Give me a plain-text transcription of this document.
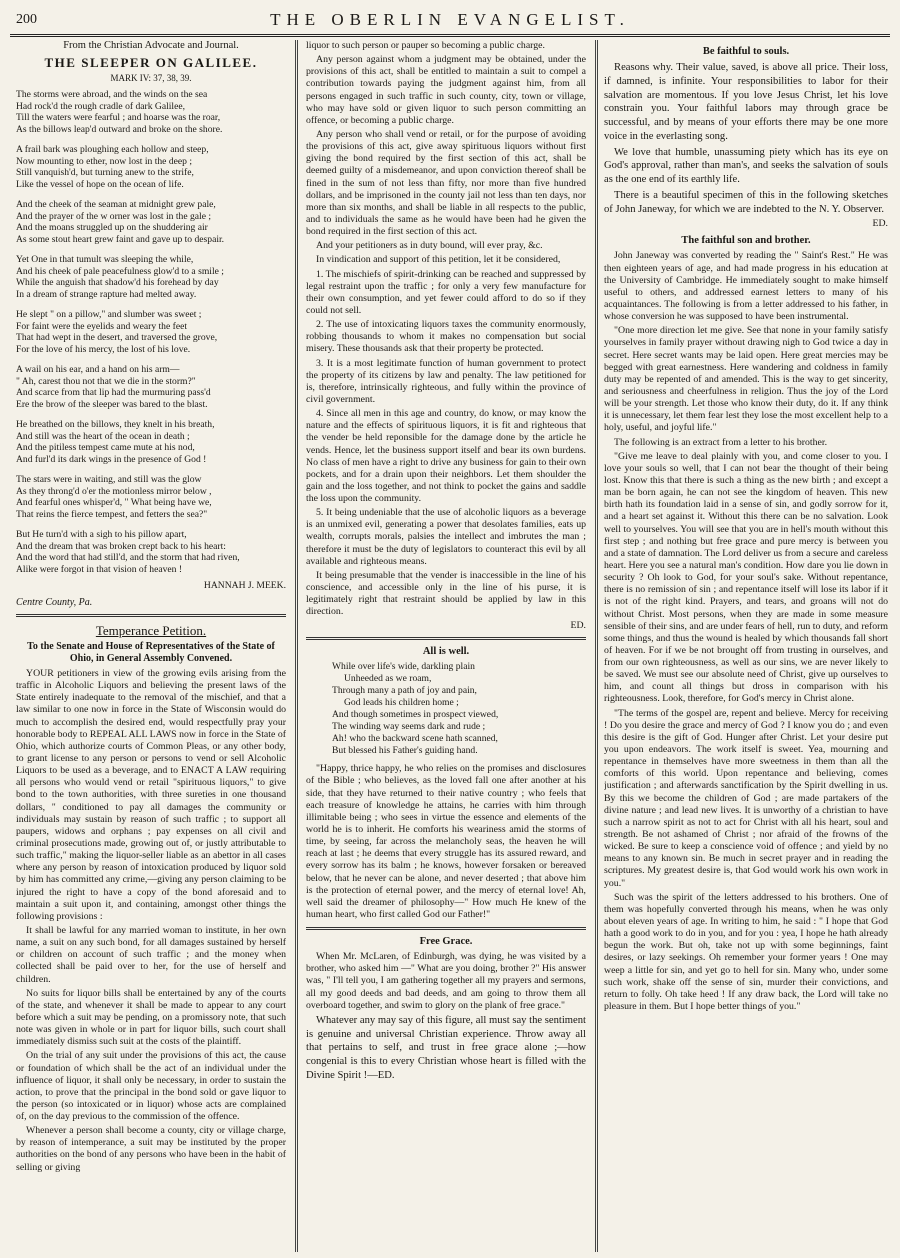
200	THE OBERLIN EVANGELIST.
From the Christian Advocate and Journal.
THE SLEEPER ON GALILEE.
MARK IV: 37, 38, 39.
The storms were abroad, and the winds on the sea
Had rock'd the rough cradle of dark Galilee,
Till the waters were fearful ; and hoarse was the roar,
As the billows leap'd outward and broke on the shore.
A frail bark was ploughing each hollow and steep,
Now mounting to ether, now lost in the deep ;
Still vanquish'd, but turning anew to the strife,
Like the vessel of hope on the ocean of life.
And the cheek of the seaman at midnight grew pale,
And the prayer of the w orner was lost in the gale ;
And the moans struggled up on the shuddering air
As some stout heart grew faint and gave up to despair.
Yet One in that tumult was sleeping the while,
And his cheek of pale peacefulness glow'd to a smile ;
While the anguish that shadow'd his forehead by day
In a dream of strange rapture had melted away.
He slept " on a pillow," and slumber was sweet ;
For faint were the eyelids and weary the feet
That had wept in the desert, and traversed the grove,
For the love of his mercy, the lost of his love.
A wail on his ear, and a hand on his arm—
" Ah, carest thou not that we die in the storm?"
And scarce from that lip had the murmuring pass'd
Ere the brow of the sleeper was bared to the blast.
He breathed on the billows, they knelt in his breath,
And still was the heart of the ocean in death ;
And the pitiless tempest came mute at his nod,
And furl'd its dark wings in the presence of God !
The stars were in waiting, and still was the glow
As they throng'd o'er the motionless mirror below ,
And fearful ones whisper'd, " What being have we,
That reins the fierce tempest, and fetters the sea?"
But He turn'd with a sigh to his pillow apart,
And the dream that was broken crept back to his heart:
And the word that had still'd, and the storm that had riven,
Alike were forgot in that vision of heaven !
HANNAH J. MEEK.
Centre County, Pa.
Temperance Petition.
To the Senate and House of Representatives of the State of Ohio, in General Assembly Convened.

YOUR petitioners in view of the growing evils arising from the traffic in Alcoholic Liquors and believing the present laws of the State entirely inadequate to the removal of the mischief, and that a law similar to one now in force in the State of Wisconsin would do much to accomplish the desired end, would respectfully pray your honorable body to REPEAL ALL LAWS now in force in the State of Ohio, which authorize courts of Common Pleas, or any other body, to grant license to any person or persons to vend or sell Alcoholic Liquors to be used as a beverage, and to ENACT A LAW requiring all persons who would vend or retail "spirituous liquors," to give bond to the town authorities, with three sureties in one thousand dollars, " conditioned to pay all damages the community or individuals may sustain by reason of such traffic ; to support all paupers, widows and orphans ; pay expenses on all civil and criminal prosecutions made, growing out of, or justly attributable to such traffic," making the liquor-seller liable as an abettor in all cases where any person by reason of intoxication produced by liquor sold by him has committed any crime,—giving any person claiming to be injured the right to have a copy of the bond aforesaid and to maintain a suit upon it, and containing, amongst other things the following provisions :

It shall be lawful for any married woman to institute, in her own name, a suit on any such bond, for all damages sustained by herself or children on account of such traffic ; and the money when collected shall be paid over to her, for the use of herself and children.

No suits for liquor bills shall be entertained by any of the courts of the state, and whenever it shall be made to appear to any court before which a suit may be pending, on a promissory note, that such note was given in whole or in part for liquor bills, such court shall immediately dismiss such suit at the costs of the plaintiff.

On the trial of any suit under the provisions of this act, the cause or foundation of which shall be the act of an individual under the influence of liquor, it shall only be necessary, in order to sustain the action, to prove that the principal in the bond sold or gave liquor to the person (so intoxicated or in liquor) whose acts are complained of, on the day previous to the commission of the offence.

Whenever a person shall become a county, city or village charge, by reason of intemperance, a suit may be instituted by the proper authorities on the bond of any persons who have been in the habit of selling or giving

liquor to such person or pauper so becoming a public charge.

Any person against whom a judgment may be obtained, under the provisions of this act, shall be entitled to maintain a suit to compel a contribution towards paying the judgment against him, from all persons engaged in such traffic in such county, city, town or village, who may have sold or given liquor to such person committing an offence, or becoming a public charge.

Any person who shall vend or retail, or for the purpose of avoiding the provisions of this act, give away spirituous liquors without first giving the bond required by the first section of this act, shall be deemed guilty of a misdemeanor, and upon conviction thereof shall be fined in the sum of not less than fifty, nor more than five hundred dollars, and be imprisoned in the county jail not less than ten days, nor more than six months, and shall be liable in all respects to the public, and to individuals the same as he would have been had he given the bond required in the first section of this act.

And your petitioners as in duty bound, will ever pray, &c.

In vindication and support of this petition, let it be considered,

1. The mischiefs of spirit-drinking can be reached and suppressed by legal restraint upon the traffic ; for only a very few manufacture for their own consumption, and yet fewer could afford to do so if they could not sell.

2. The use of intoxicating liquors taxes the community enormously, robbing thousands to whom it makes no compensation but social misery. These thousands ask that their property be protected.

3. It is a most legitimate function of human government to protect the property of its citizens by law and penalty. The law petitioned for is, therefore, intrinsically righteous, and fully within the province of civil government.

4. Since all men in this age and country, do know, or may know the nature and the effects of spirituous liquors, it is fit and righteous that the vender be held reponsible for the damage done by the article he vends. Hence, let the business support itself and bear its own burdens. No class of men have a right to drive any business for gain to their own pockets, and for a drain upon their neighbors. Let them shoulder the gain and the loss together, and not think to pocket the gains and saddle the loss upon the community.

5. It being undeniable that the use of alcoholic liquors as a beverage is an unmixed evil, generating a power that desolates families, eats up wealth, corrupts morals, palsies the intellect and imbrutes the man ; therefore it must be the duty of legislators to counteract this evil by all available and righteous means.

It being presumable that the vender is inaccessible in the line of his conscience, and accessible only in the line of his purse, it is legitimately right that restraint should be applied by law in this direction.

ED.
All is well.
While over life's wide, darkling plain
Unheeded as we roam,
Through many a path of joy and pain,
God leads his children home ;
And though sometimes in prospect viewed,
The winding way seems dark and rude ;
Ah! who the backward scene hath scanned,
But blessed his Father's guiding hand.

"Happy, thrice happy, he who relies on the promises and disclosures of the Bible ; who believes, as the loved fall one after another at his side, that they have returned to their native country ; who feels that each treasure of knowledge he attains, he carries with him through illimitable being ; who sees in virtue the essence and elements of the world he is to inherit. He comforts his weariness amid the storms of time, by seeing, far across the melancholy seas, the heaven he will reach at last ; he deems that every struggle has its assured reward, and every sorrow has its balm ; he knows, however forsaken or bereaved below, that he never can be alone, and never deserted ; that above him is the protection of eternal power, and the mercy of eternal love! Ah, well said the dreamer of philosophy—" How much He knew of the human heart, who first called God our Father!"

Free Grace.

When Mr. McLaren, of Edinburgh, was dying, he was visited by a brother, who asked him —" What are you doing, brother ?" His answer was, " I'll tell you, I am gathering together all my prayers and sermons, all my good deeds and bad deeds, and am going to throw them all overboard together, and swim to glory on the plank of free grace."

Whatever any may say of this figure, all must say the sentiment is genuine and universal Christian experience. Throw away all that pertains to self, and trust in free grace alone ;—how congenial is this to every Christian whose heart is filled with the Divine Spirit !—ED.

Be faithful to souls.

Reasons why. Their value, saved, is above all price. Their loss, if damned, is infinite. Your responsibilities to labor for their salvation are momentous. If you love Jesus Christ, let his love constrain you. Your faithful labors may through grace be successful, and by means of your efforts there may be one more voice in the everlasting song.

We love that humble, unassuming piety which has its eye on God's approval, rather than man's, and seeks the salvation of souls as the one end of its earthly life.

There is a beautiful specimen of this in the following sketches of John Janeway, for which we are indebted to the N. Y. Observer.

ED.
The faithful son and brother.

John Janeway was converted by reading the " Saint's Rest." He was then eighteen years of age, and had made progress in his education at the University of Cambridge. He immediately sought to make himself useful to others, and addressed earnest letters to many of his acquaintances. The following is from a letter addressed to his father, in whose conversion he was supposed to have been instrumental.

"One more direction let me give. See that none in your family satisfy yourselves in family prayer without drawing nigh to God twice a day in secret. Here secret wants may be laid open. Here great mercies may be begged with great earnestness. Here wandering and coldness in family duty may be repented of and amended. This is the way to get sincerity, and seriousness and cheerfulness in religion. Thus the joy of the Lord will be your strength. Let those who know their duty, do it. If any think it is unnecessary, let them fear lest they lose the most excellent help to a holy, useful, and joyful life."

The following is an extract from a letter to his brother.

"Give me leave to deal plainly with you, and come closer to you. I love your souls so well, that I can not bear the thought of their being lost. Know this that there is such a thing as the new birth ; and except a man be born again, he can not see the kingdom of heaven. This new birth hath its foundation laid in a sense of sin, and godly sorrow for it, and a heart set against it. Without this there can be no salvation. Look well to yourselves. You will see that you are in hell's mouth without this first step ; and nothing but free grace and pure mercy is between you and a state of damnation. The Lord deliver us from a secure and careless heart. Here you see a natural man's condition. How dare you lie down in security ? Oh look to God, for your soul's sake. Without repentance, there is no remission of sin ; and repentance itself will lose its labor if it is not of the right kind. Prayers, and tears, and groans will not do without Christ. Most persons, when they are made in some measure sensible of their sins, and are under fears of hell, run to duty, and reform some things, and thus the wound is healed by which thousands fall short of heaven. For if we be not brought off from trusting in ourselves, and from our own righteousness, as well as our sins, we are never likely to be saved. We must see our absolute need of Christ, give up ourselves to him, and count all things but dross in comparison with his righteousness. Look, therefore, for God's mercy in Christ alone.

"The terms of the gospel are, repent and believe. Mercy for receiving ! Do you desire the grace and mercy of God ? I know you do ; and even this desire is the gift of God. Hunger after Christ. Let your desire put you upon endeavors. The work itself is sweet. Yea, mourning and repentance in themselves have more sweetness in them than all the comforts of this world. Upon repentance and believing, comes justification ; and afterwards sanctification by the Spirit dwelling in us. By this we become the children of God ; are made partakers of the divine nature ; and lead new lives. It is unworthy of a christian to have such a narrow spirit as not to act for Christ with all his heart, soul and strength. Be not ashamed of Christ ; nor afraid of the frowns of the wicked. Be sure to keep a conscience void of offence ; and yield by no means to any known sin. Be much in secret prayer and in reading the scriptures. My greatest desire is, that God would work his own work in you."

Such was the spirit of the letters addressed to his brothers. One of them was hopefully converted through his means, when he was only about eleven years of age. In writing to him, he said : " I hope that God hath a good work to do in you, and for you : yea, I hope he hath already begun the work. But oh, take not up with some beginnings, faint desires, or lazy seekings. Oh remember your former years ! One may weep a little for sin, and yet go to hell for sin. Many who, under some such work, shake off the sense of sin, murder their convictions, and return to folly. Oh take heed ! If any draw back, the Lord will take no pleasure in them. But I hope better things of you."
